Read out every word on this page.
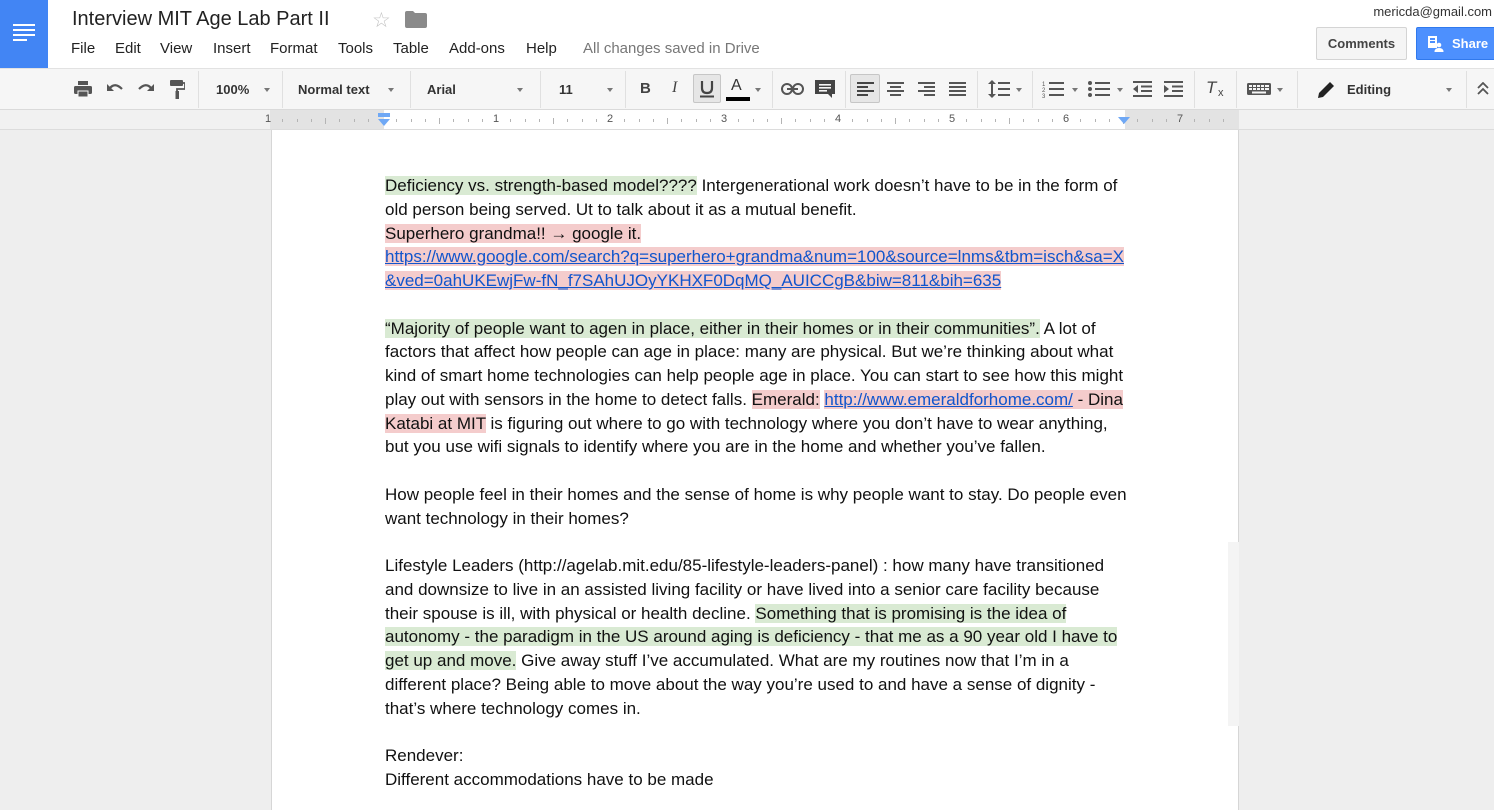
Interview MIT Age Lab Part II ☆
File Edit View Insert Format Tools Table Add-ons Help All changes saved in Drive
mericda@gmail.com
Comments	Share
100%	Normal text	Arial	11	B I	A	1
2
3	T x	Editing
1	1	2	3	4	5	6	7

Deficiency vs. strength-based model???? Intergenerational work doesn’t have to be in the form of old person being served. Ut to talk about it as a mutual benefit.

Superhero grandma!! → google it.

https://www.google.com/search?q=superhero+grandma&num=100&source=lnms&tbm=isch&sa=X&ved=0ahUKEwjFw-fN_f7SAhUJOyYKHXF0DqMQ_AUICCgB&biw=811&bih=635

“Majority of people want to agen in place, either in their homes or in their communities”. A lot of factors that affect how people can age in place: many are physical. But we’re thinking about what kind of smart home technologies can help people age in place. You can start to see how this might play out with sensors in the home to detect falls. Emerald: http://www.emeraldforhome.com/ - Dina Katabi at MIT is figuring out where to go with technology where you don’t have to wear anything, but you use wifi signals to identify where you are in the home and whether you’ve fallen.

How people feel in their homes and the sense of home is why people want to stay. Do people even want technology in their homes?

Lifestyle Leaders (http://agelab.mit.edu/85-lifestyle-leaders-panel) : how many have transitioned and downsize to live in an assisted living facility or have lived into a senior care facility because their spouse is ill, with physical or health decline. Something that is promising is the idea of autonomy - the paradigm in the US around aging is deficiency - that me as a 90 year old I have to get up and move. Give away stuff I’ve accumulated. What are my routines now that I’m in a different place? Being able to move about the way you’re used to and have a sense of dignity - that’s where technology comes in.

Rendever:

Different accommodations have to be made
